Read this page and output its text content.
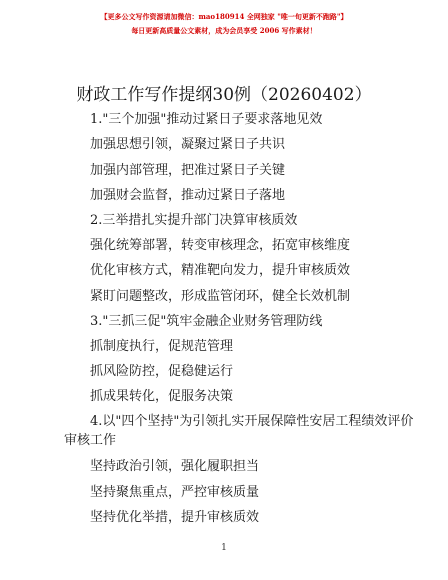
【更多公文写作资源请加微信：mao180914 全网独家 "唯一旬更新不跑路"】
每日更新高质量公文素材，成为会员享受 2006 写作素材！
财政工作写作提纲30例（20260402）
1."三个加强"推动过紧日子要求落地见效
加强思想引领，凝聚过紧日子共识
加强内部管理，把准过紧日子关键
加强财会监督，推动过紧日子落地
2.三举措扎实提升部门决算审核质效
强化统筹部署，转变审核理念，拓宽审核维度
优化审核方式，精准靶向发力，提升审核质效
紧盯问题整改，形成监管闭环，健全长效机制
3."三抓三促"筑牢金融企业财务管理防线
抓制度执行，促规范管理
抓风险防控，促稳健运行
抓成果转化，促服务决策
4.以"四个坚持"为引领扎实开展保障性安居工程绩效评价
审核工作
坚持政治引领，强化履职担当
坚持聚焦重点，严控审核质量
坚持优化举措，提升审核质效
1
